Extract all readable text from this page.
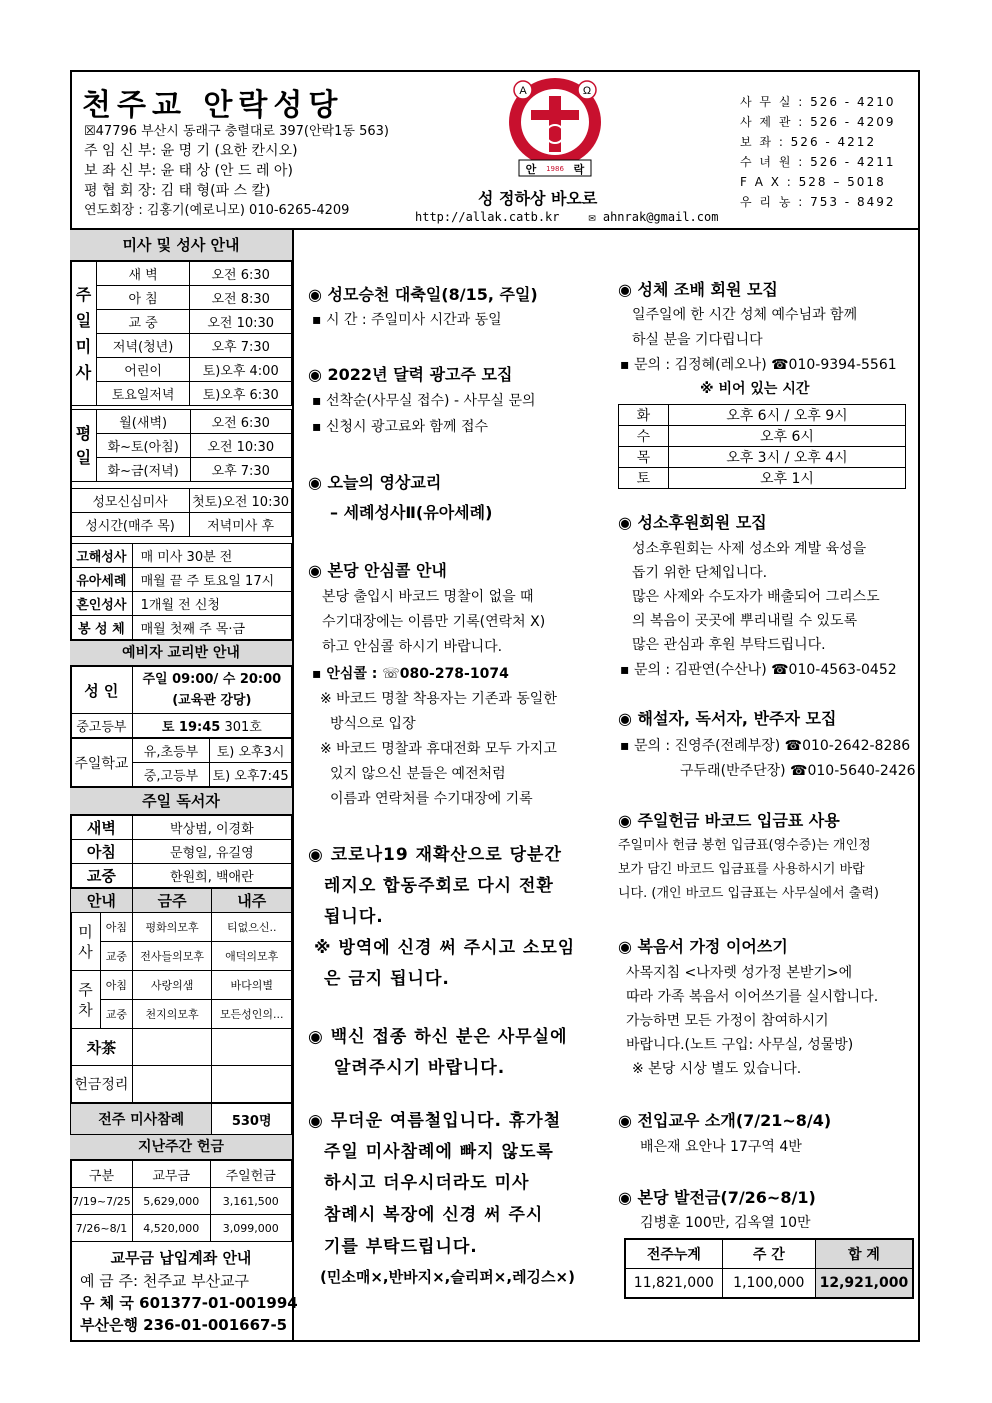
천주교 안락성당
☒47796 부산시 동래구 충렬대로 397(안락1동 563)
주 임 신 부: 윤 명 기 (요한 칸시오)
보 좌 신 부: 윤 태 상 (안 드 레 아)
평 협 회 장: 김 태 형(파 스 칼)
연도회장 : 김홍기(예로니모) 010-6265-4209
A	Ω
안 1986 락
성 정하상 바오로
http://allak.catb.kr ✉ ahnrak@gmail.com
사 무 실 : 526 - 4210
사 제 관 : 526 - 4209
보 좌 : 526 - 4212
수 녀 원 : 526 - 4211
F A X : 528 – 5018
우 리 농 : 753 - 8492
미사 및 성사 안내
주
일
미
사	새 벽	오전 6:30
	아 침	오전 8:30
	교 중	오전 10:30
	저녁(청년)	오후 7:30
	어린이	토)오후 4:00
	토요일저녁	토)오후 6:30
평
일	월(새벽)	오전 6:30
	화~토(아침)	오전 10:30
	화~금(저녁)	오후 7:30
성모신심미사	첫토)오전 10:30
성시간(매주 목)	저녁미사 후
고해성사	매 미사 30분 전
유아세례	매월 끝 주 토요일 17시
혼인성사	1개월 전 신청
봉 성 체	매월 첫째 주 목·금
예비자 교리반 안내
성 인	주일 09:00/ 수 20:00
(교육관 강당)
중고등부	토 19:45 301호
주일학교	유,초등부	토) 오후3시
	중,고등부	토) 오후7:45
주일 독서자
새벽	박상범, 이경화
아침	문형일, 유길영
교중	한원희, 백애란
안내		금주	내주
미
사	아침	평화의모후	티없으신..
	교중	전사들의모후	애덕의모후
주
차	아침	사랑의샘	바다의별
	교중	천지의모후	모든성인의...
차茶			
헌금정리			
전주 미사참례	530명
지난주간 헌금
구분	교무금	주일헌금
7/19~7/25	5,629,000	3,161,500
7/26~8/1	4,520,000	3,099,000
교무금 납입계좌 안내
예 금 주: 천주교 부산교구
우 체 국 601377-01-001994
부산은행 236-01-001667-5
◉ 성모승천 대축일(8/15, 주일)
▪ 시 간 : 주일미사 시간과 동일
◉ 2022년 달력 광고주 모집
▪ 선착순(사무실 접수) - 사무실 문의
▪ 신청시 광고료와 함께 접수
◉ 오늘의 영상교리
– 세례성사Ⅱ(유아세례)
◉ 본당 안심콜 안내
본당 출입시 바코드 명찰이 없을 때
수기대장에는 이름만 기록(연락처 X)
하고 안심콜 하시기 바랍니다.
▪ 안심콜 : ☏080-278-1074
※ 바코드 명찰 착용자는 기존과 동일한
방식으로 입장
※ 바코드 명찰과 휴대전화 모두 가지고
있지 않으신 분들은 예전처럼
이름과 연락처를 수기대장에 기록
◉ 코로나19 재확산으로 당분간
레지오 합동주회로 다시 전환
됩니다.
※ 방역에 신경 써 주시고 소모임
은 금지 됩니다.
◉ 백신 접종 하신 분은 사무실에
알려주시기 바랍니다.
◉ 무더운 여름철입니다. 휴가철
주일 미사참례에 빠지 않도록
하시고 더우시더라도 미사
참례시 복장에 신경 써 주시
기를 부탁드립니다.
(민소매×,반바지×,슬리퍼×,레깅스×)
◉ 성체 조배 회원 모집
일주일에 한 시간 성체 예수님과 함께
하실 분을 기다립니다
▪ 문의 : 김정혜(레오나) ☎010-9394-5561
※ 비어 있는 시간
화	오후 6시 / 오후 9시
수	오후 6시
목	오후 3시 / 오후 4시
토	오후 1시
◉ 성소후원회원 모집
성소후원회는 사제 성소와 계발 육성을
돕기 위한 단체입니다.
많은 사제와 수도자가 배출되어 그리스도
의 복음이 곳곳에 뿌리내릴 수 있도록
많은 관심과 후원 부탁드립니다.
▪ 문의 : 김판연(수산나) ☎010-4563-0452
◉ 해설자, 독서자, 반주자 모집
▪ 문의 : 진영주(전례부장) ☎010-2642-8286
구두래(반주단장) ☎010-5640-2426
◉ 주일헌금 바코드 입금표 사용
주일미사 헌금 봉헌 입금표(영수증)는 개인정
보가 담긴 바코드 입금표를 사용하시기 바랍
니다. (개인 바코드 입금표는 사무실에서 출력)
◉ 복음서 가정 이어쓰기
사목지침 <나자렛 성가정 본받기>에
따라 가족 복음서 이어쓰기를 실시합니다.
가능하면 모든 가정이 참여하시기
바랍니다.(노트 구입: 사무실, 성물방)
※ 본당 시상 별도 있습니다.
◉ 전입교우 소개(7/21~8/4)
배은재 요안나 17구역 4반
◉ 본당 발전금(7/26~8/1)
김병훈 100만, 김옥열 10만
전주누계	주 간	합 계
11,821,000	1,100,000	12,921,000
